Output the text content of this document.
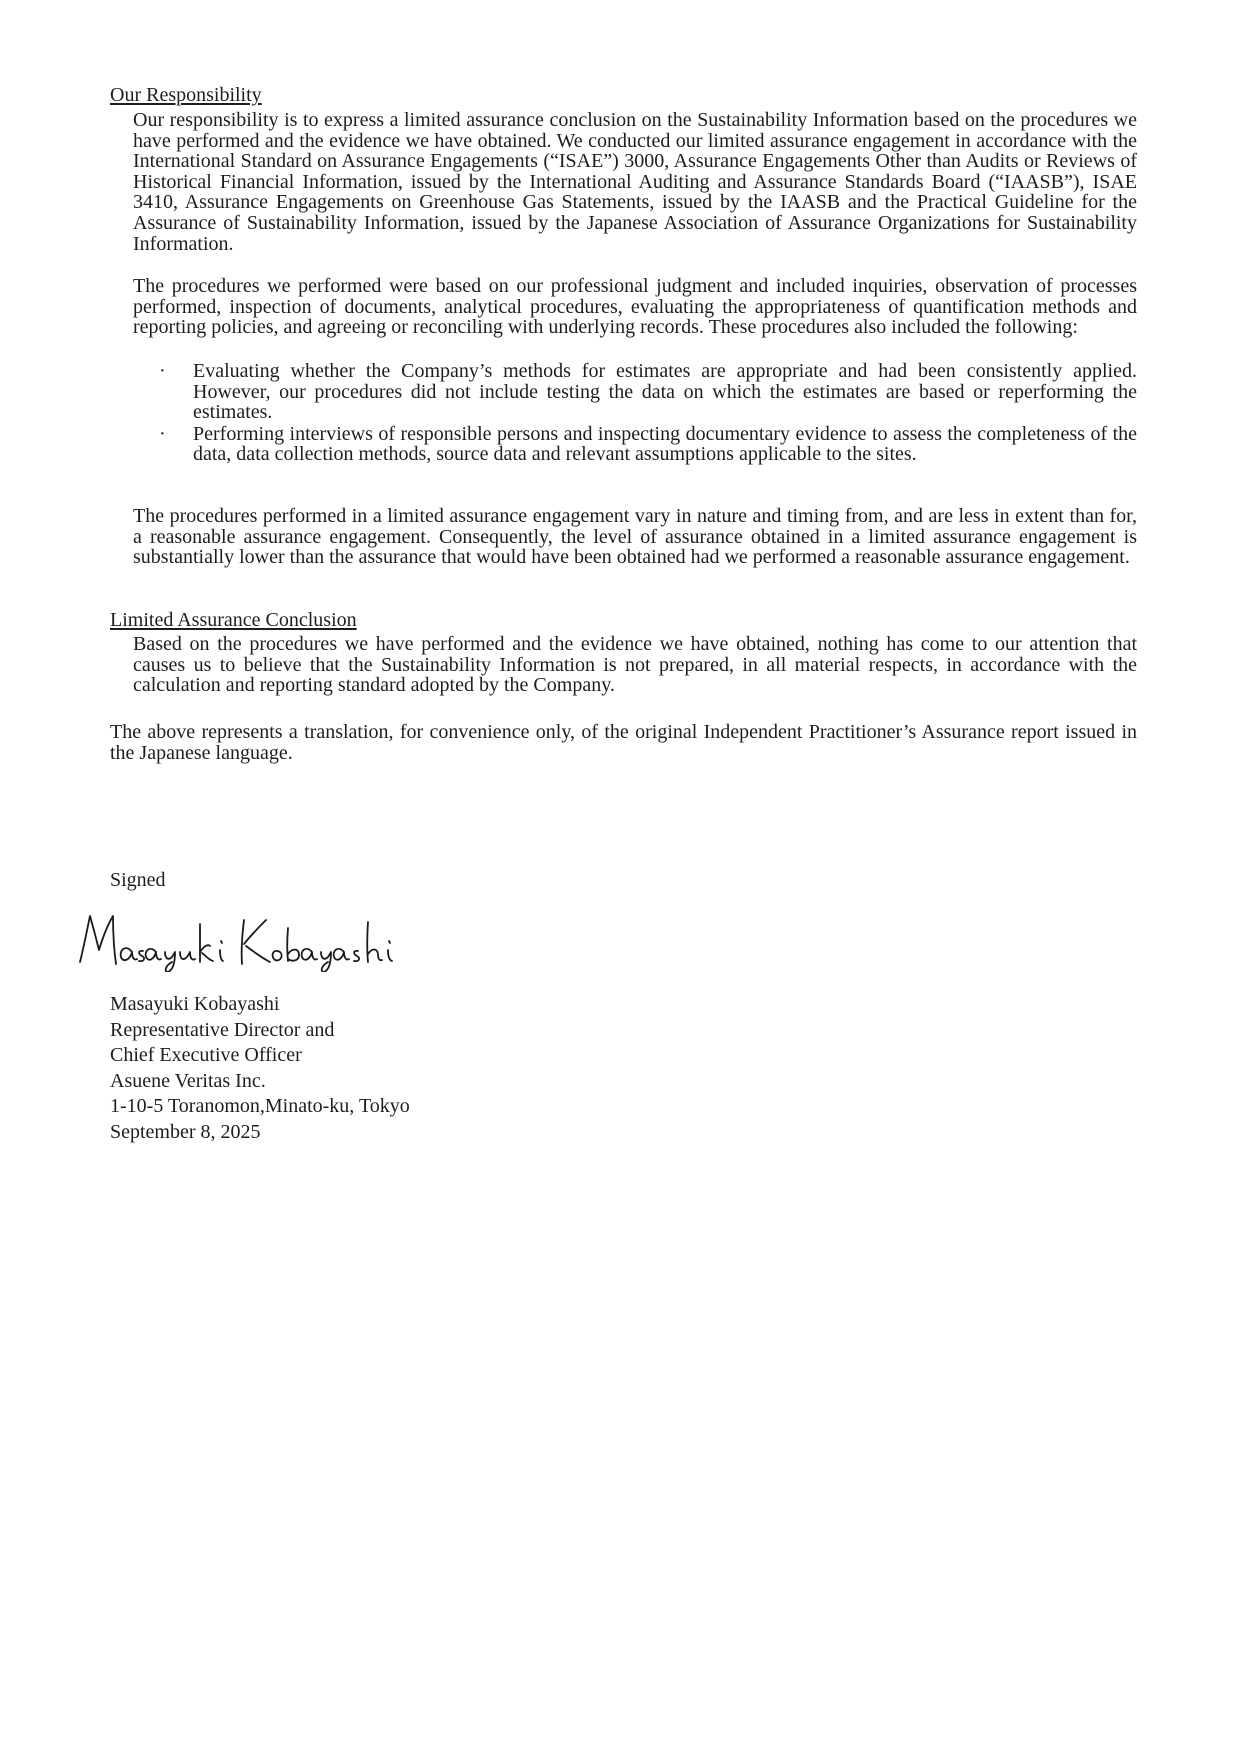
Our Responsibility

Our responsibility is to express a limited assurance conclusion on the Sustainability Information based on the procedures we have performed and the evidence we have obtained. We conducted our limited assurance engagement in accordance with the International Standard on Assurance Engagements (“ISAE”) 3000, Assurance Engagements Other than Audits or Reviews of Historical Financial Information, issued by the International Auditing and Assurance Standards Board (“IAASB”), ISAE 3410, Assurance Engagements on Greenhouse Gas Statements, issued by the IAASB and the Practical Guideline for the Assurance of Sustainability Information, issued by the Japanese Association of Assurance Organizations for Sustainability Information.

The procedures we performed were based on our professional judgment and included inquiries, observation of processes performed, inspection of documents, analytical procedures, evaluating the appropriateness of quantification methods and reporting policies, and agreeing or reconciling with underlying records. These procedures also included the following:

· Evaluating whether the Company’s methods for estimates are appropriate and had been consistently applied. However, our procedures did not include testing the data on which the estimates are based or reperforming the estimates.
· Performing interviews of responsible persons and inspecting documentary evidence to assess the completeness of the data, data collection methods, source data and relevant assumptions applicable to the sites.

The procedures performed in a limited assurance engagement vary in nature and timing from, and are less in extent than for, a reasonable assurance engagement. Consequently, the level of assurance obtained in a limited assurance engagement is substantially lower than the assurance that would have been obtained had we performed a reasonable assurance engagement.

Limited Assurance Conclusion

Based on the procedures we have performed and the evidence we have obtained, nothing has come to our attention that causes us to believe that the Sustainability Information is not prepared, in all material respects, in accordance with the calculation and reporting standard adopted by the Company.

The above represents a translation, for convenience only, of the original Independent Practitioner’s Assurance report issued in the Japanese language.

Signed
Masayuki Kobayashi
Representative Director and
Chief Executive Officer
Asuene Veritas Inc.
1-10-5 Toranomon,Minato-ku, Tokyo
September 8, 2025
